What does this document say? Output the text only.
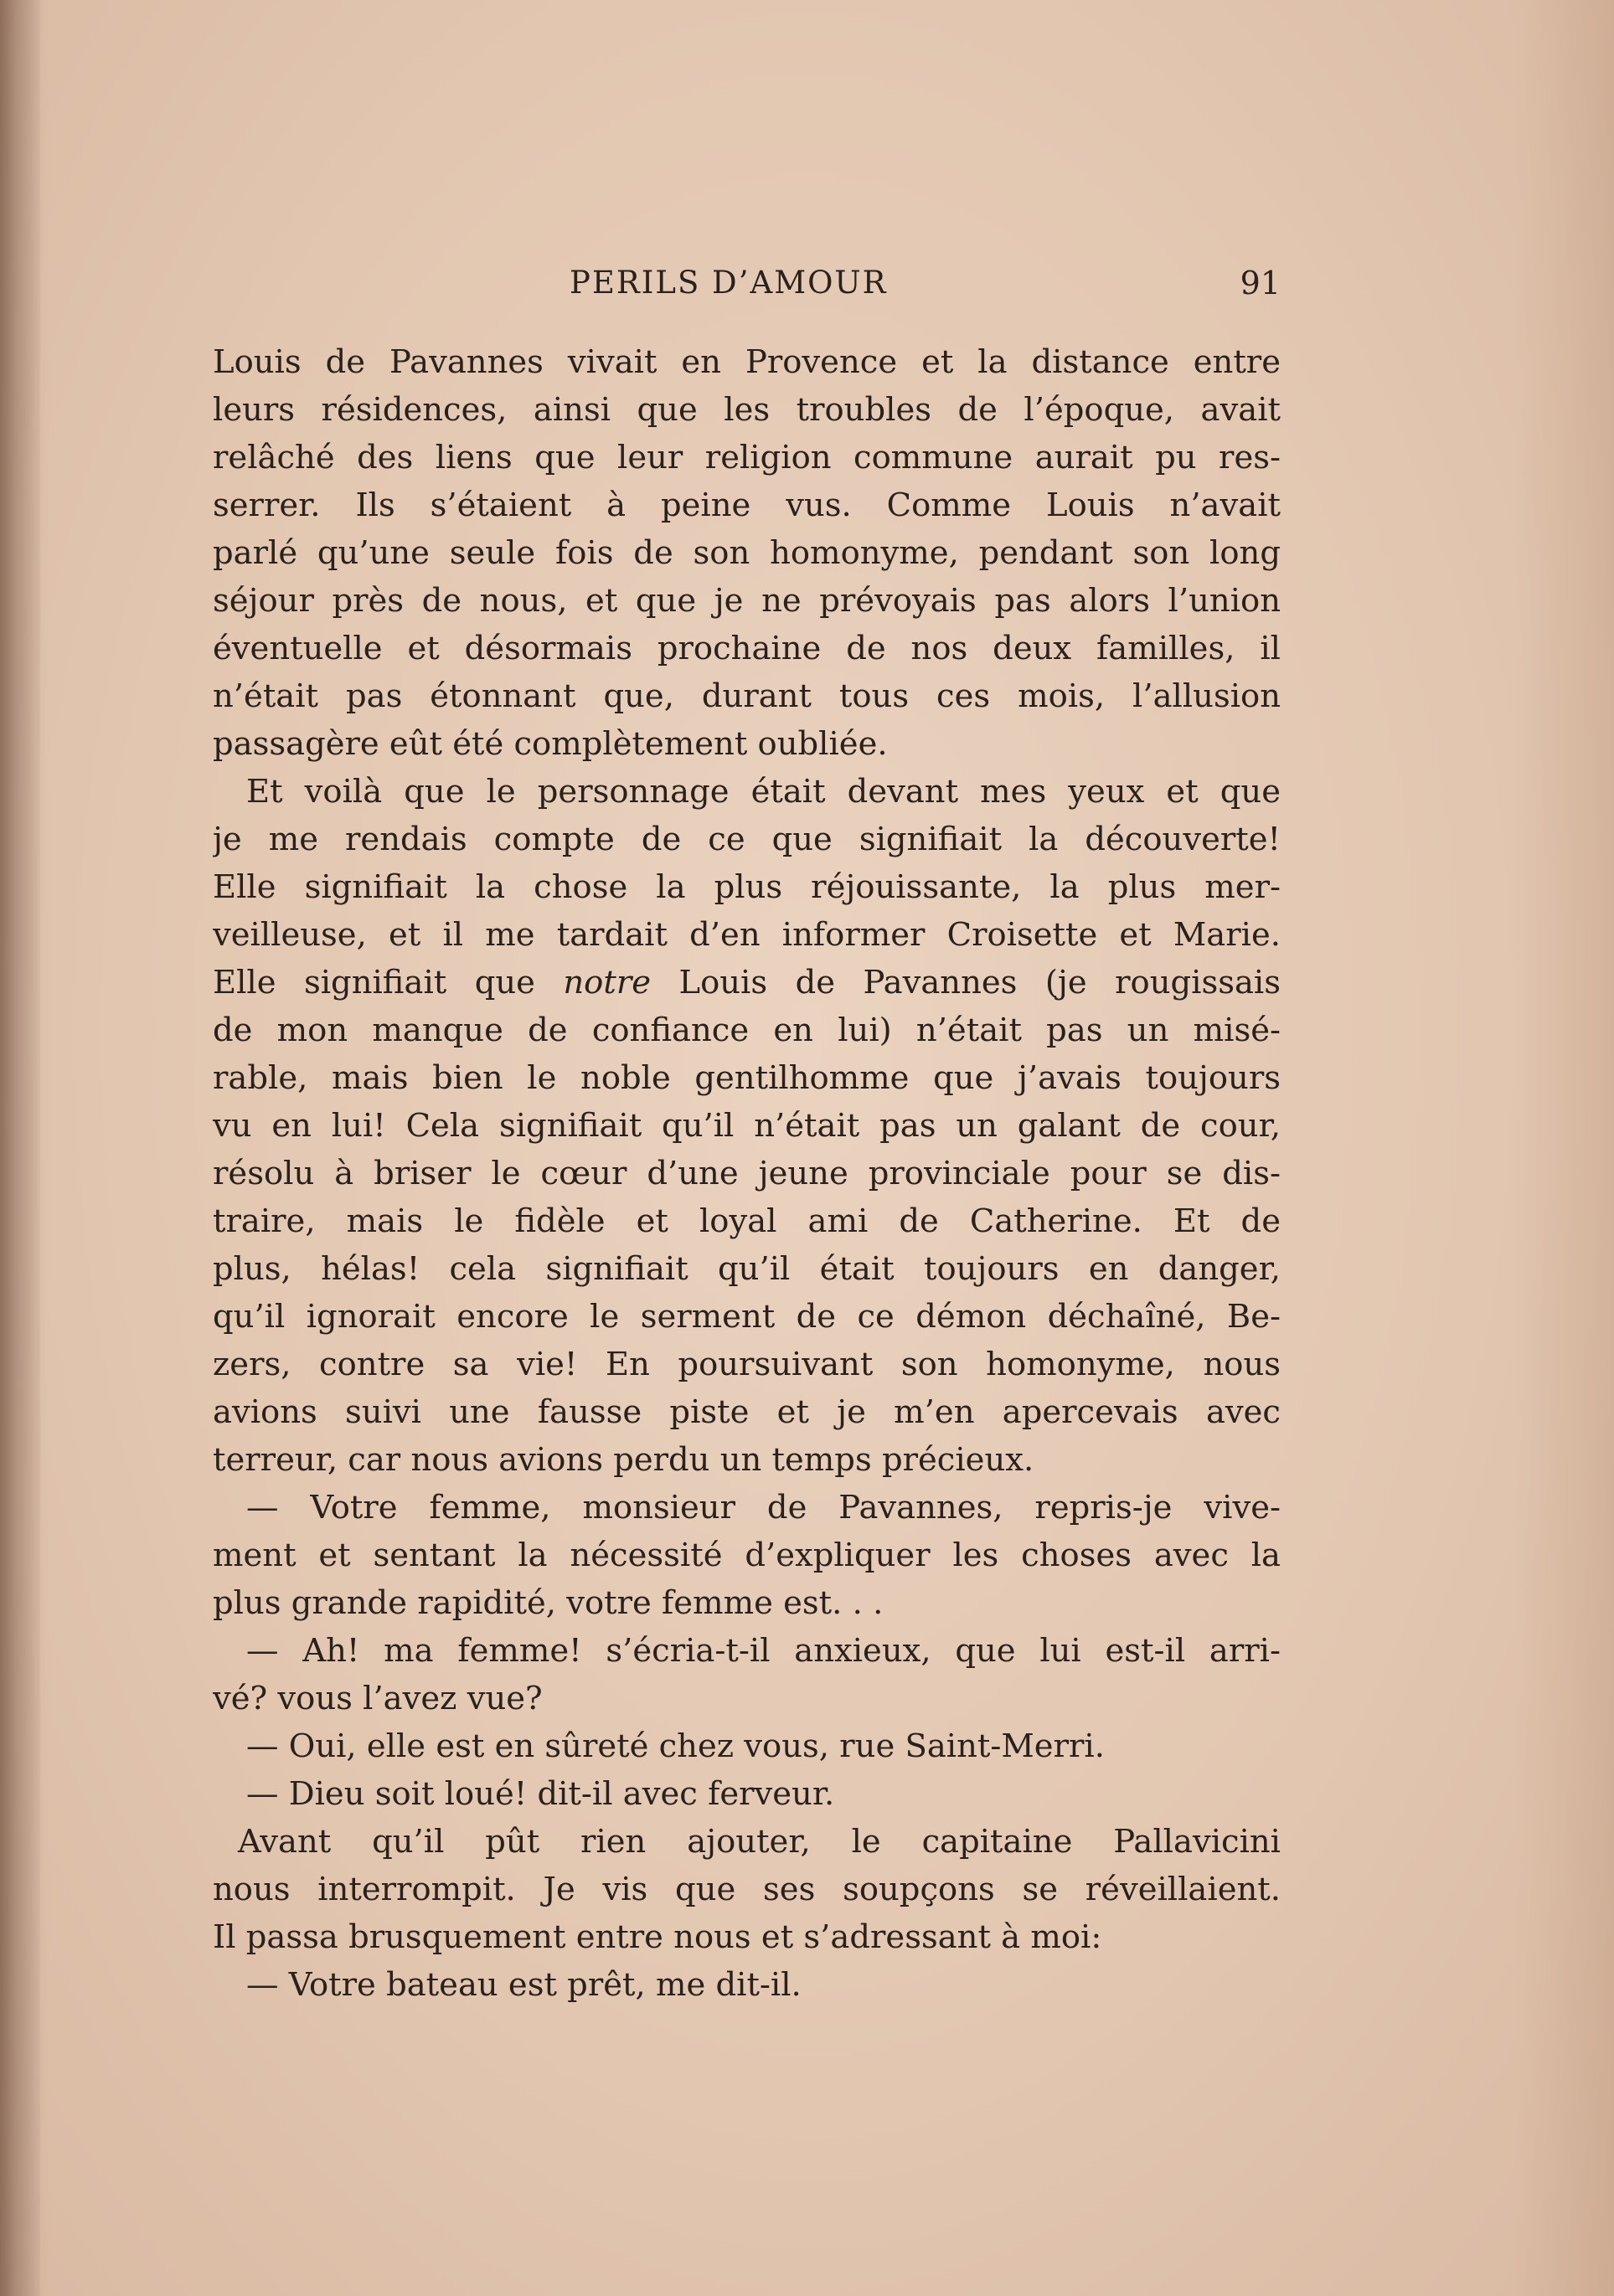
PERILS D’AMOUR	91
Louis de Pavannes vivait en Provence et la distance entre
leurs résidences, ainsi que les troubles de l’époque, avait
relâché des liens que leur religion commune aurait pu res-
serrer. Ils s’étaient à peine vus. Comme Louis n’avait
parlé qu’une seule fois de son homonyme, pendant son long
séjour près de nous, et que je ne prévoyais pas alors l’union
éventuelle et désormais prochaine de nos deux familles, il
n’était pas étonnant que, durant tous ces mois, l’allusion
passagère eût été complètement oubliée.
Et voilà que le personnage était devant mes yeux et que
je me rendais compte de ce que signifiait la découverte!
Elle signifiait la chose la plus réjouissante, la plus mer-
veilleuse, et il me tardait d’en informer Croisette et Marie.
Elle signifiait que notre Louis de Pavannes (je rougissais
de mon manque de confiance en lui) n’était pas un misé-
rable, mais bien le noble gentilhomme que j’avais toujours
vu en lui! Cela signifiait qu’il n’était pas un galant de cour,
résolu à briser le cœur d’une jeune provinciale pour se dis-
traire, mais le fidèle et loyal ami de Catherine. Et de
plus, hélas! cela signifiait qu’il était toujours en danger,
qu’il ignorait encore le serment de ce démon déchaîné, Be-
zers, contre sa vie! En poursuivant son homonyme, nous
avions suivi une fausse piste et je m’en apercevais avec
terreur, car nous avions perdu un temps précieux.
— Votre femme, monsieur de Pavannes, repris-je vive-
ment et sentant la nécessité d’expliquer les choses avec la
plus grande rapidité, votre femme est. . .
— Ah! ma femme! s’écria-t-il anxieux, que lui est-il arri-
vé? vous l’avez vue?
— Oui, elle est en sûreté chez vous, rue Saint-Merri.
— Dieu soit loué! dit-il avec ferveur.
Avant qu’il pût rien ajouter, le capitaine Pallavicini
nous interrompit. Je vis que ses soupçons se réveillaient.
Il passa brusquement entre nous et s’adressant à moi:
— Votre bateau est prêt, me dit-il.
